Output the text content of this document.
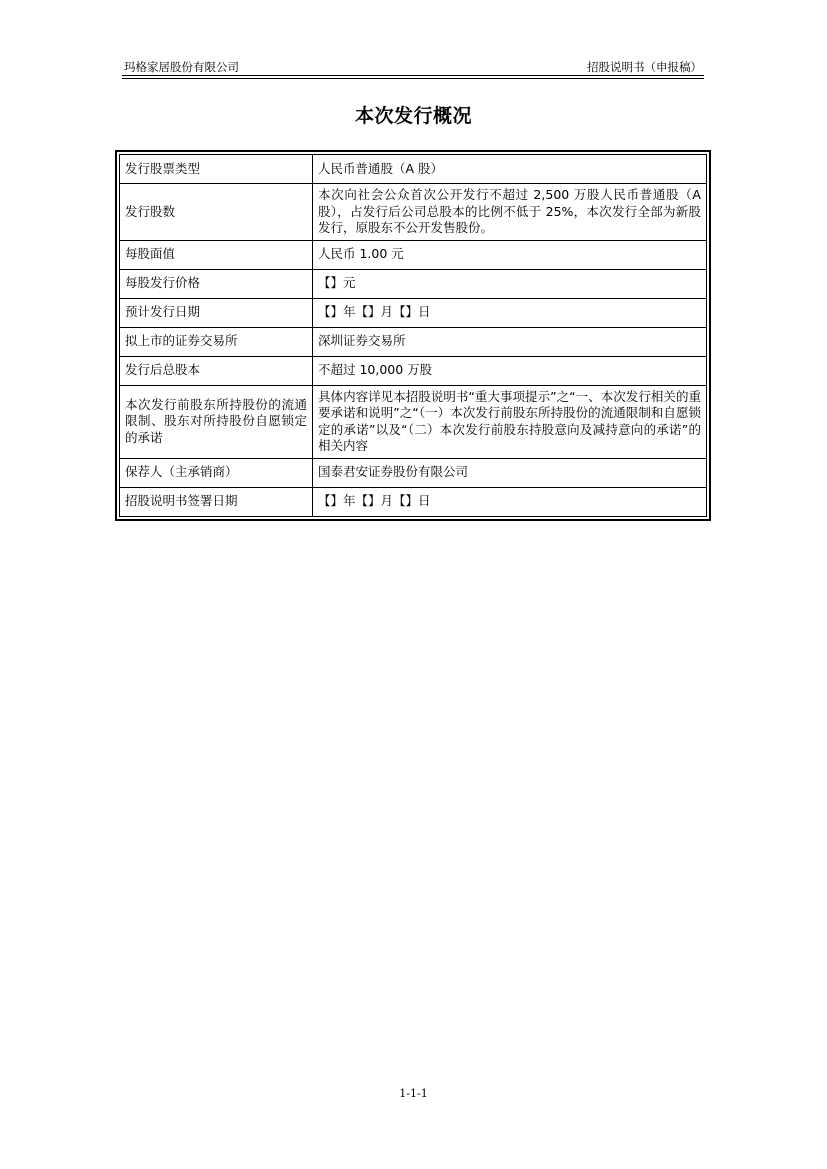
玛格家居股份有限公司	招股说明书（申报稿）
本次发行概况
发行股票类型	人民币普通股（A 股）
发行股数	本次向社会公众首次公开发行不超过 2,500 万股人民币普通股（A 股），占发行后公司总股本的比例不低于 25%，本次发行全部为新股发行，原股东不公开发售股份。
每股面值	人民币 1.00 元
每股发行价格	【】元
预计发行日期	【】年【】月【】日
拟上市的证券交易所	深圳证券交易所
发行后总股本	不超过 10,000 万股
本次发行前股东所持股份的流通限制、股东对所持股份自愿锁定的承诺	具体内容详见本招股说明书“重大事项提示”之“一、本次发行相关的重要承诺和说明”之“（一）本次发行前股东所持股份的流通限制和自愿锁定的承诺”以及“（二）本次发行前股东持股意向及减持意向的承诺”的相关内容
保荐人（主承销商）	国泰君安证券股份有限公司
招股说明书签署日期	【】年【】月【】日
1-1-1
